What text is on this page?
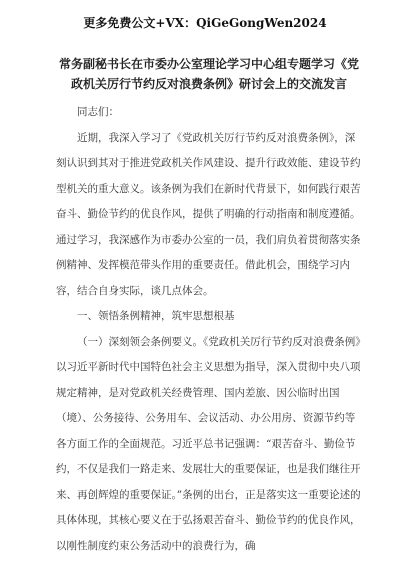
更多免费公文+VX：QiGeGongWen2024
常务副秘书长在市委办公室理论学习中心组专题学习《党政机关厉行节约反对浪费条例》研讨会上的交流发言

同志们：

近期，我深入学习了《党政机关厉行节约反对浪费条例》，深刻认识到其对于推进党政机关作风建设、提升行政效能、建设节约型机关的重大意义。该条例为我们在新时代背景下，如何践行艰苦奋斗、勤俭节约的优良作风，提供了明确的行动指南和制度遵循。通过学习，我深感作为市委办公室的一员，我们肩负着贯彻落实条例精神、发挥模范带头作用的重要责任。借此机会，围绕学习内容，结合自身实际，谈几点体会。

一、领悟条例精神，筑牢思想根基

（一）深刻领会条例要义。《党政机关厉行节约反对浪费条例》以习近平新时代中国特色社会主义思想为指导，深入贯彻中央八项规定精神，是对党政机关经费管理、国内差旅、因公临时出国（境）、公务接待、公务用车、会议活动、办公用房、资源节约等各方面工作的全面规范。习近平总书记强调：“艰苦奋斗、勤俭节约，不仅是我们一路走来、发展壮大的重要保证，也是我们继往开来、再创辉煌的重要保证。”条例的出台，正是落实这一重要论述的具体体现，其核心要义在于弘扬艰苦奋斗、勤俭节约的优良作风，以刚性制度约束公务活动中的浪费行为，确
